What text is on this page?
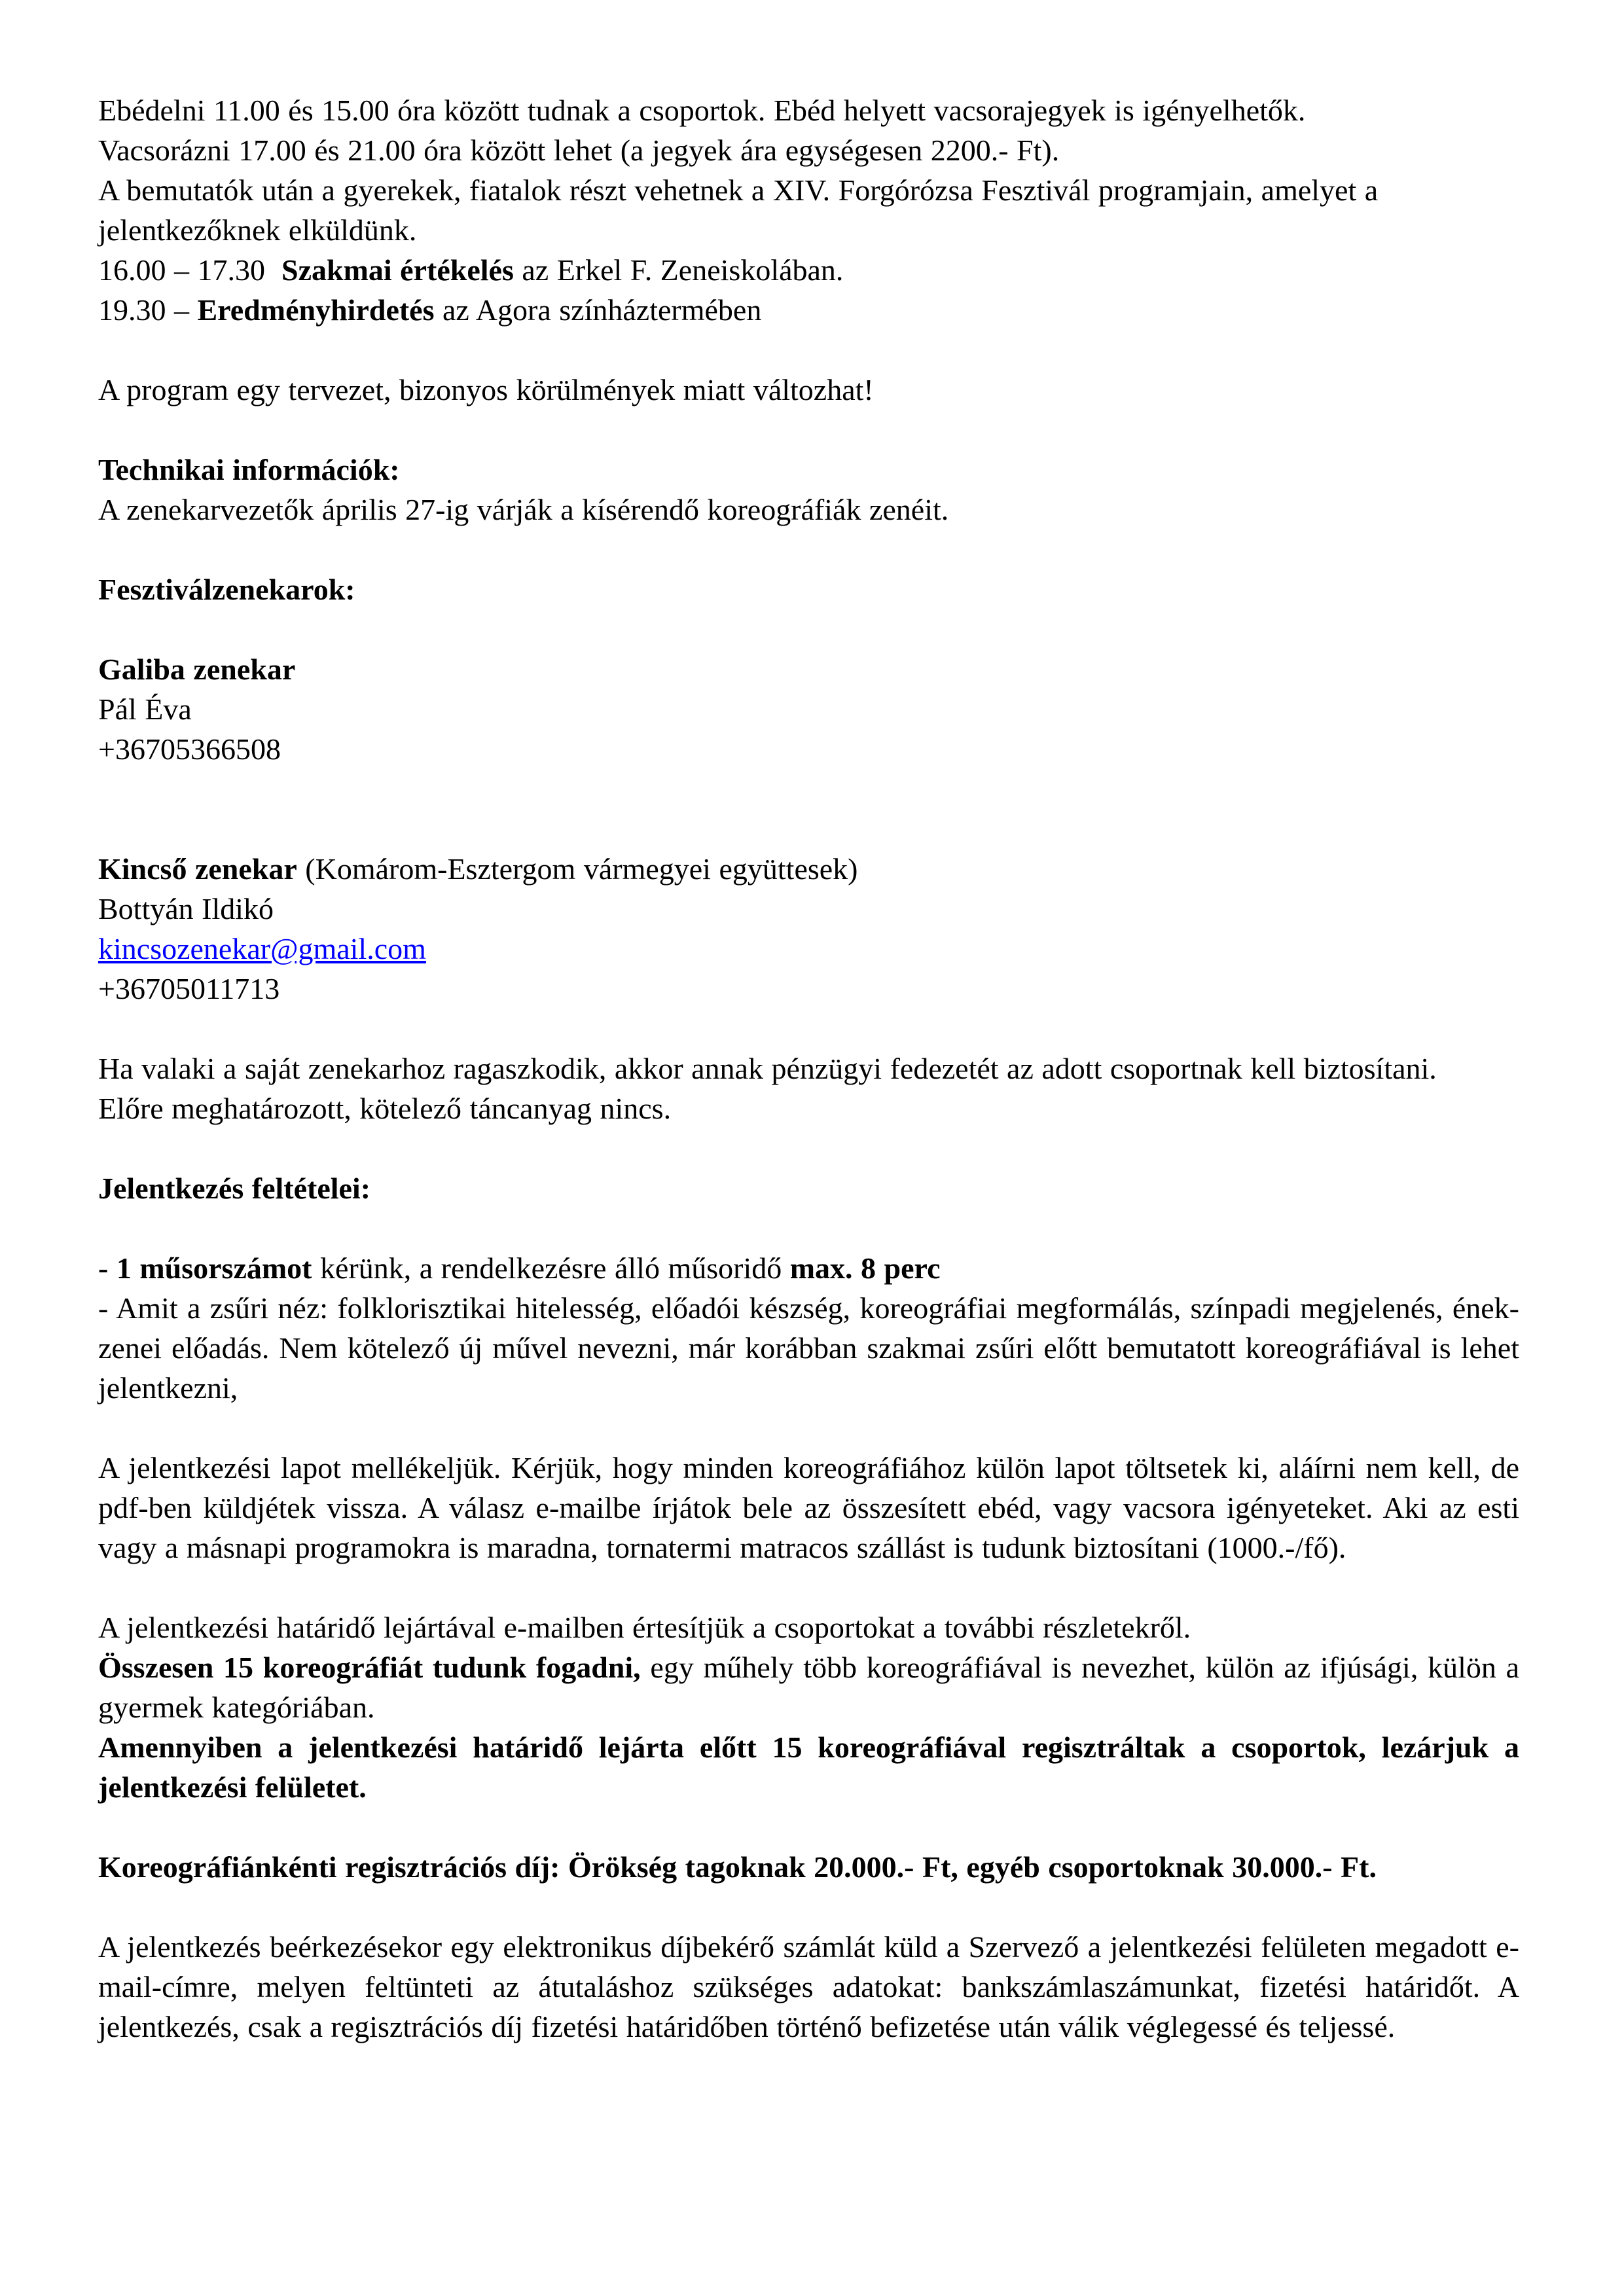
Ebédelni 11.00 és 15.00 óra között tudnak a csoportok. Ebéd helyett vacsorajegyek is igényelhetők.
Vacsorázni 17.00 és 21.00 óra között lehet (a jegyek ára egységesen 2200.- Ft).
A bemutatók után a gyerekek, fiatalok részt vehetnek a XIV. Forgórózsa Fesztivál programjain, amelyet a jelentkezőknek elküldünk.
16.00 – 17.30  Szakmai értékelés az Erkel F. Zeneiskolában.
19.30 – Eredményhirdetés az Agora színháztermében
A program egy tervezet, bizonyos körülmények miatt változhat!
Technikai információk:
A zenekarvezetők április 27-ig várják a kísérendő koreográfiák zenéit.
Fesztiválzenekarok:
Galiba zenekar
Pál Éva
+36705366508
Kincső zenekar (Komárom-Esztergom vármegyei együttesek)
Bottyán Ildikó
kincsozenekar@gmail.com
+36705011713
Ha valaki a saját zenekarhoz ragaszkodik, akkor annak pénzügyi fedezetét az adott csoportnak kell biztosítani.
Előre meghatározott, kötelező táncanyag nincs.
Jelentkezés feltételei:
- 1 műsorszámot kérünk, a rendelkezésre álló műsoridő max. 8 perc
- Amit a zsűri néz: folklorisztikai hitelesség, előadói készség, koreográfiai megformálás, színpadi megjelenés, ének-zenei előadás. Nem kötelező új művel nevezni, már korábban szakmai zsűri előtt bemutatott koreográfiával is lehet jelentkezni,
A jelentkezési lapot mellékeljük. Kérjük, hogy minden koreográfiához külön lapot töltsetek ki, aláírni nem kell, de pdf-ben küldjétek vissza. A válasz e-mailbe írjátok bele az összesített ebéd, vagy vacsora igényeteket. Aki az esti vagy a másnapi programokra is maradna, tornatermi matracos szállást is tudunk biztosítani (1000.-/fő).
A jelentkezési határidő lejártával e-mailben értesítjük a csoportokat a további részletekről.
Összesen 15 koreográfiát tudunk fogadni, egy műhely több koreográfiával is nevezhet, külön az ifjúsági, külön a gyermek kategóriában.
Amennyiben a jelentkezési határidő lejárta előtt 15 koreográfiával regisztráltak a csoportok, lezárjuk a jelentkezési felületet.
Koreográfiánkénti regisztrációs díj: Örökség tagoknak 20.000.- Ft, egyéb csoportoknak 30.000.- Ft.
A jelentkezés beérkezésekor egy elektronikus díjbekérő számlát küld a Szervező a jelentkezési felületen megadott e-mail-címre, melyen feltünteti az átutaláshoz szükséges adatokat: bankszámlaszámunkat, fizetési határidőt. A jelentkezés, csak a regisztrációs díj fizetési határidőben történő befizetése után válik véglegessé és teljessé.
